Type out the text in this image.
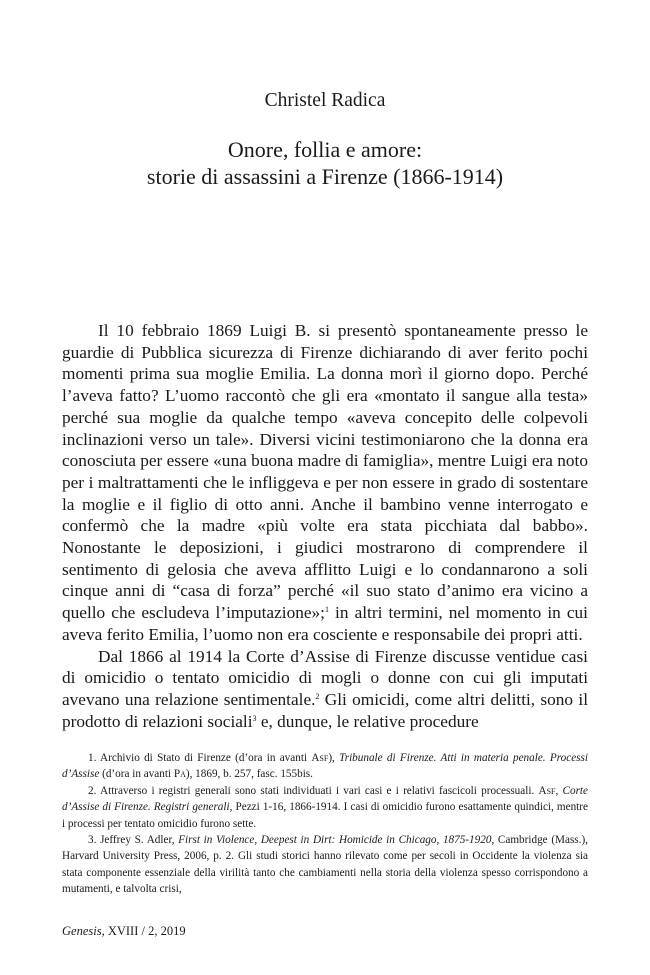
Christel Radica
Onore, follia e amore:
storie di assassini a Firenze (1866-1914)

Il 10 febbraio 1869 Luigi B. si presentò spontaneamente presso le guardie di Pubblica sicurezza di Firenze dichiarando di aver ferito pochi momenti prima sua moglie Emilia. La donna morì il giorno dopo. Perché l’aveva fatto? L’uomo raccontò che gli era «montato il sangue alla testa» perché sua moglie da qualche tempo «aveva concepito delle colpevoli inclinazioni verso un tale». Diversi vicini testimoniarono che la donna era conosciuta per essere «una buona madre di famiglia», mentre Luigi era noto per i maltrattamenti che le infliggeva e per non essere in grado di sostentare la moglie e il figlio di otto anni. Anche il bambino venne interrogato e confermò che la madre «più volte era stata picchiata dal babbo». Nonostante le deposizioni, i giudici mostrarono di comprendere il sentimento di gelosia che aveva afflitto Luigi e lo condannarono a soli cinque anni di “casa di forza” perché «il suo stato d’animo era vicino a quello che escludeva l’imputazione»;$^1$ in altri termini, nel momento in cui aveva ferito Emilia, l’uomo non era cosciente e responsabile dei propri atti.

Dal 1866 al 1914 la Corte d’Assise di Firenze discusse ventidue casi di omicidio o tentato omicidio di mogli o donne con cui gli imputati avevano una relazione sentimentale.$^2$ Gli omicidi, come altri delitti, sono il prodotto di relazioni sociali$^3$ e, dunque, le relative procedure

1. Archivio di Stato di Firenze (d’ora in avanti Asf), Tribunale di Firenze. Atti in materia penale. Processi d’Assise (d’ora in avanti Pa), 1869, b. 257, fasc. 155bis.

2. Attraverso i registri generali sono stati individuati i vari casi e i relativi fascicoli processuali. Asf, Corte d’Assise di Firenze. Registri generali, Pezzi 1-16, 1866-1914. I casi di omicidio furono esattamente quindici, mentre i processi per tentato omicidio furono sette.

3. Jeffrey S. Adler, First in Violence, Deepest in Dirt: Homicide in Chicago, 1875-1920, Cambridge (Mass.), Harvard University Press, 2006, p. 2. Gli studi storici hanno rilevato come per secoli in Occidente la violenza sia stata componente essenziale della virilità tanto che cambiamenti nella storia della violenza spesso corrispondono a mutamenti, e talvolta crisi,

Genesis, XVIII / 2, 2019
